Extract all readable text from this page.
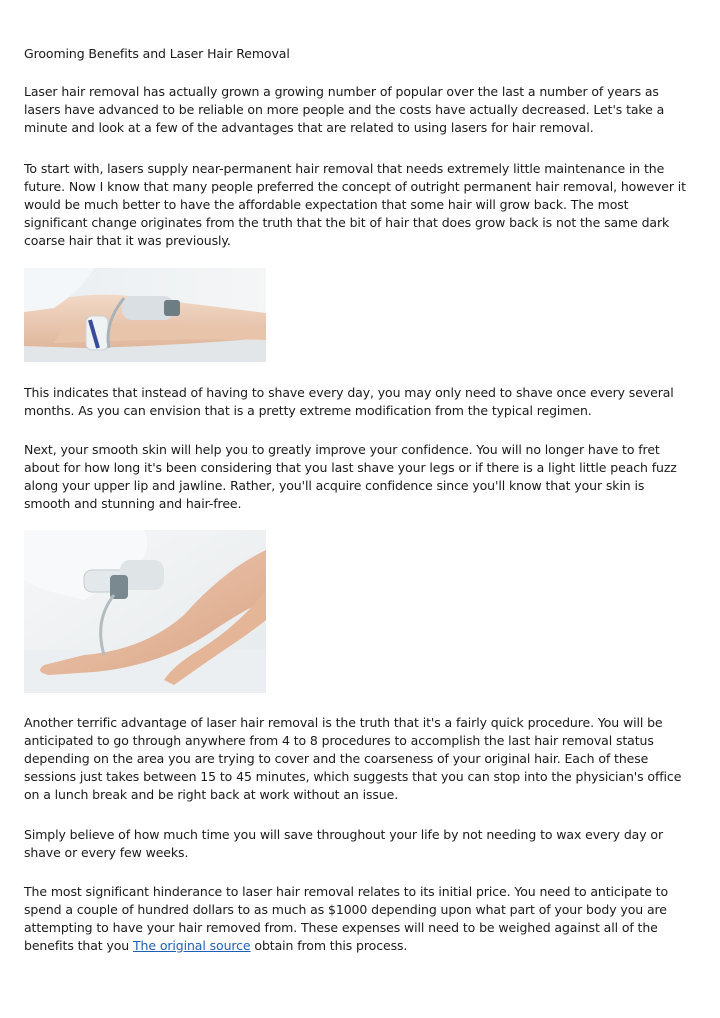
Grooming Benefits and Laser Hair Removal

Laser hair removal has actually grown a growing number of popular over the last a number of years as lasers have advanced to be reliable on more people and the costs have actually decreased. Let's take a minute and look at a few of the advantages that are related to using lasers for hair removal.

To start with, lasers supply near-permanent hair removal that needs extremely little maintenance in the future. Now I know that many people preferred the concept of outright permanent hair removal, however it would be much better to have the affordable expectation that some hair will grow back. The most significant change originates from the truth that the bit of hair that does grow back is not the same dark coarse hair that it was previously.

This indicates that instead of having to shave every day, you may only need to shave once every several months. As you can envision that is a pretty extreme modification from the typical regimen.

Next, your smooth skin will help you to greatly improve your confidence. You will no longer have to fret about for how long it's been considering that you last shave your legs or if there is a light little peach fuzz along your upper lip and jawline. Rather, you'll acquire confidence since you'll know that your skin is smooth and stunning and hair-free.

Another terrific advantage of laser hair removal is the truth that it's a fairly quick procedure. You will be anticipated to go through anywhere from 4 to 8 procedures to accomplish the last hair removal status depending on the area you are trying to cover and the coarseness of your original hair. Each of these sessions just takes between 15 to 45 minutes, which suggests that you can stop into the physician's office on a lunch break and be right back at work without an issue.

Simply believe of how much time you will save throughout your life by not needing to wax every day or shave or every few weeks.

The most significant hinderance to laser hair removal relates to its initial price. You need to anticipate to spend a couple of hundred dollars to as much as $1000 depending upon what part of your body you are attempting to have your hair removed from. These expenses will need to be weighed against all of the benefits that you The original source obtain from this process.
